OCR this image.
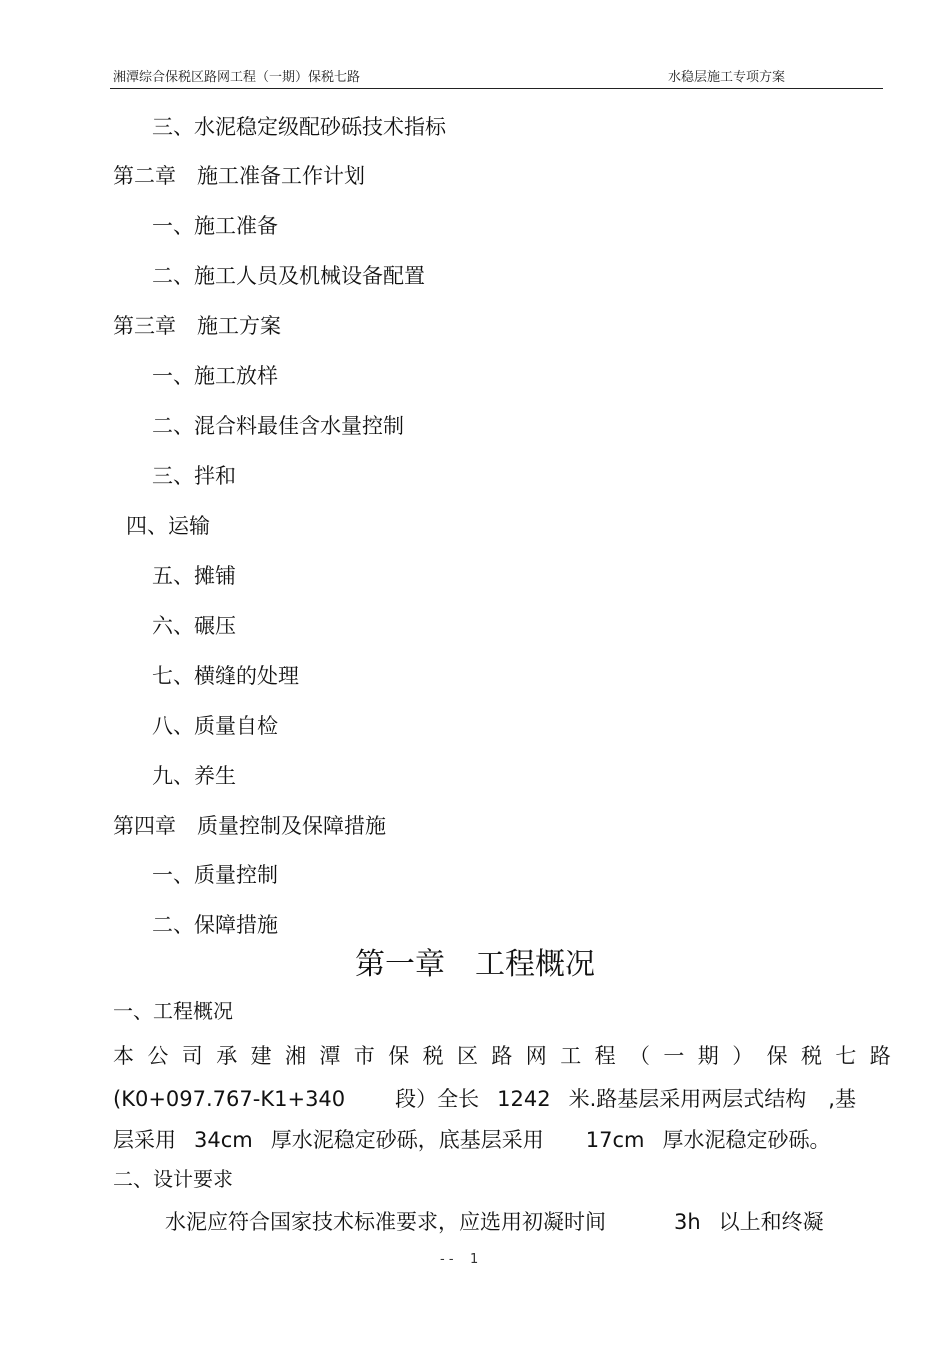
湘潭综合保税区路网工程（一期）保税七路	水稳层施工专项方案
三、水泥稳定级配砂砾技术指标
第二章　施工准备工作计划
一、施工准备
二、施工人员及机械设备配置
第三章　施工方案
一、施工放样
二、混合料最佳含水量控制
三、拌和
四、运输
五、摊铺
六、碾压
七、横缝的处理
八、质量自检
九、养生
第四章　质量控制及保障措施
一、质量控制
二、保障措施
第一章 工程概况
一、工程概况
本公司承建湘潭市保税区路网工程（一期）保税七路
(K0+097.767-K1+340 段）全长 1242 米.路基层采用两层式结构 ,基
层采用 34cm 厚水泥稳定砂砾，底基层采用 17cm 厚水泥稳定砂砾。
二、设计要求
水泥应符合国家技术标准要求，应选用初凝时间	3h 以上和终凝
- -    1
